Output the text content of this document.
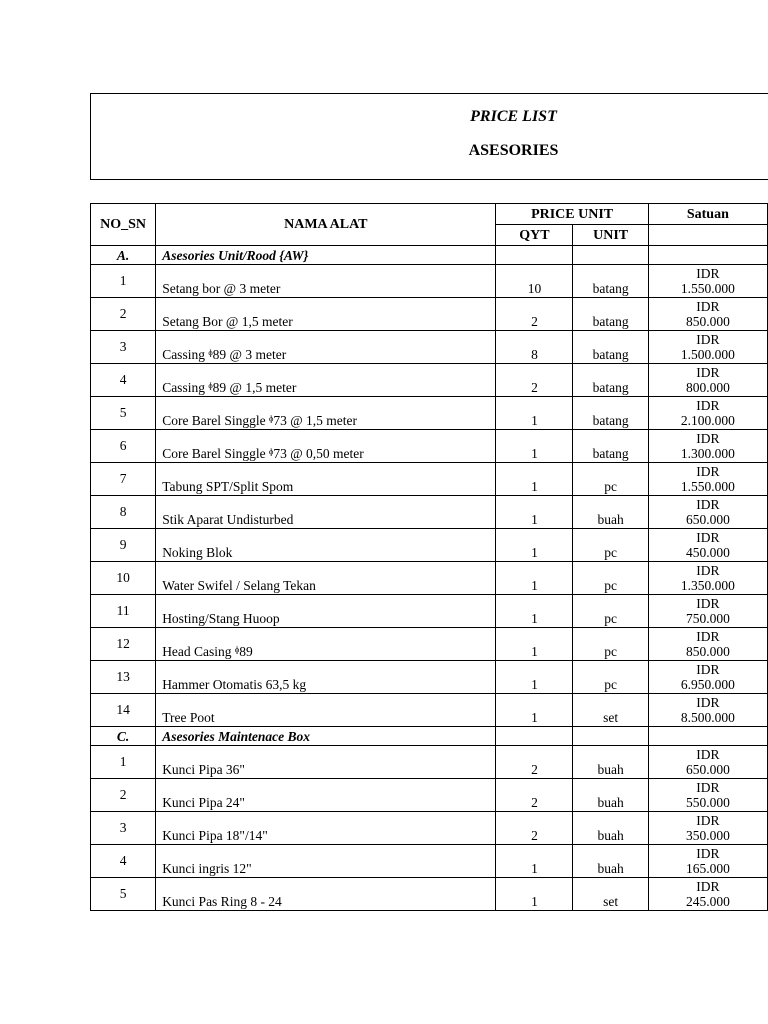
PRICE LIST
ASESORIES
NO_SN	NAMA ALAT	PRICE UNIT		Satuan
		QYT	UNIT	
A.	Asesories Unit/Rood {AW}			
1	Setang bor @ 3 meter	10	batang	IDR
1.550.000

2	Setang Bor @ 1,5 meter	2	batang	IDR
850.000

3	Cassing ᶲ89 @ 3 meter	8	batang	IDR
1.500.000

4	Cassing ᶲ89 @ 1,5 meter	2	batang	IDR
800.000

5	Core Barel Singgle ᶲ73 @ 1,5 meter	1	batang	IDR
2.100.000

6	Core Barel Singgle ᶲ73 @ 0,50 meter	1	batang	IDR
1.300.000

7	Tabung SPT/Split Spom	1	pc	IDR
1.550.000

8	Stik Aparat Undisturbed	1	buah	IDR
650.000

9	Noking Blok	1	pc	IDR
450.000

10	Water Swifel / Selang Tekan	1	pc	IDR
1.350.000

11	Hosting/Stang Huoop	1	pc	IDR
750.000

12	Head Casing ᶲ89	1	pc	IDR
850.000

13	Hammer Otomatis 63,5 kg	1	pc	IDR
6.950.000

14	Tree Poot	1	set	IDR
8.500.000

C.	Asesories Maintenace Box			
1	Kunci Pipa 36"	2	buah	IDR
650.000

2	Kunci Pipa 24"	2	buah	IDR
550.000

3	Kunci Pipa 18"/14"	2	buah	IDR
350.000

4	Kunci ingris 12"	1	buah	IDR
165.000

5	Kunci Pas Ring 8 - 24	1	set	IDR
245.000
